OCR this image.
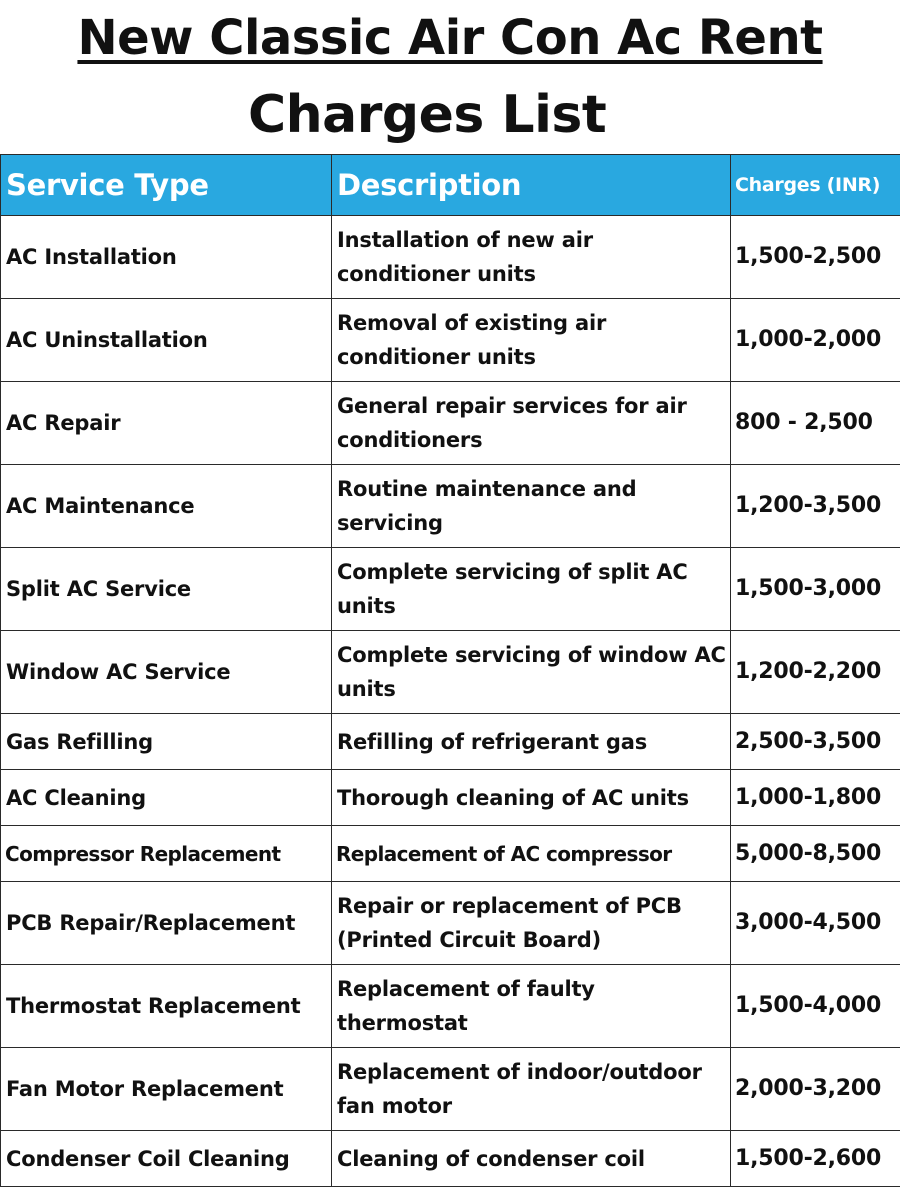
New Classic Air Con Ac Rent
Charges List
Service Type	Description	Charges (INR)
AC Installation	Installation of new air conditioner units	1,500-2,500
AC Uninstallation	Removal of existing air conditioner units	1,000-2,000
AC Repair	General repair services for air conditioners	800 - 2,500
AC Maintenance	Routine maintenance and servicing	1,200-3,500
Split AC Service	Complete servicing of split AC units	1,500-3,000
Window AC Service	Complete servicing of window AC units	1,200-2,200
Gas Refilling	Refilling of refrigerant gas	2,500-3,500
AC Cleaning	Thorough cleaning of AC units	1,000-1,800
Compressor Replacement	Replacement of AC compressor	5,000-8,500
PCB Repair/Replacement	Repair or replacement of PCB (Printed Circuit Board)	3,000-4,500
Thermostat Replacement	Replacement of faulty thermostat	1,500-4,000
Fan Motor Replacement	Replacement of indoor/outdoor fan motor	2,000-3,200
Condenser Coil Cleaning	Cleaning of condenser coil	1,500-2,600
